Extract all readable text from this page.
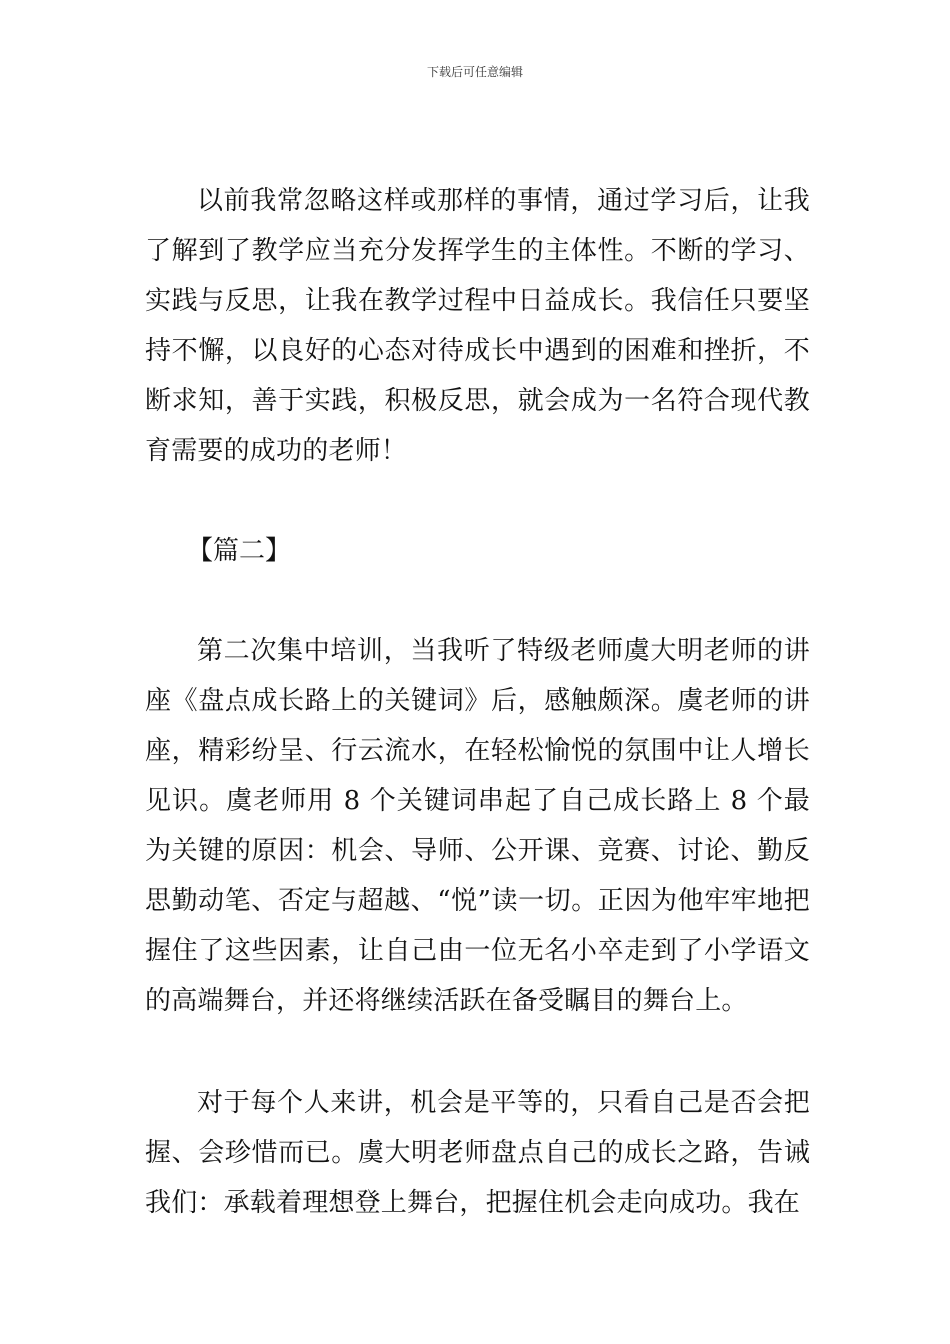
下载后可任意编辑

以前我常忽略这样或那样的事情，通过学习后，让我了解到了教学应当充分发挥学生的主体性。不断的学习、实践与反思，让我在教学过程中日益成长。我信任只要坚持不懈，以良好的心态对待成长中遇到的困难和挫折，不断求知，善于实践，积极反思，就会成为一名符合现代教育需要的成功的老师！

【篇二】

第二次集中培训，当我听了特级老师虞大明老师的讲座《盘点成长路上的关键词》后，感触颇深。虞老师的讲座，精彩纷呈、行云流水，在轻松愉悦的氛围中让人增长见识。虞老师用 8 个关键词串起了自己成长路上 8 个最为关键的原因：机会、导师、公开课、竞赛、讨论、勤反思勤动笔、否定与超越、“悦”读一切。正因为他牢牢地把握住了这些因素，让自己由一位无名小卒走到了小学语文的高端舞台，并还将继续活跃在备受瞩目的舞台上。

对于每个人来讲，机会是平等的，只看自己是否会把握、会珍惜而已。虞大明老师盘点自己的成长之路，告诫我们：承载着理想登上舞台，把握住机会走向成功。我在
